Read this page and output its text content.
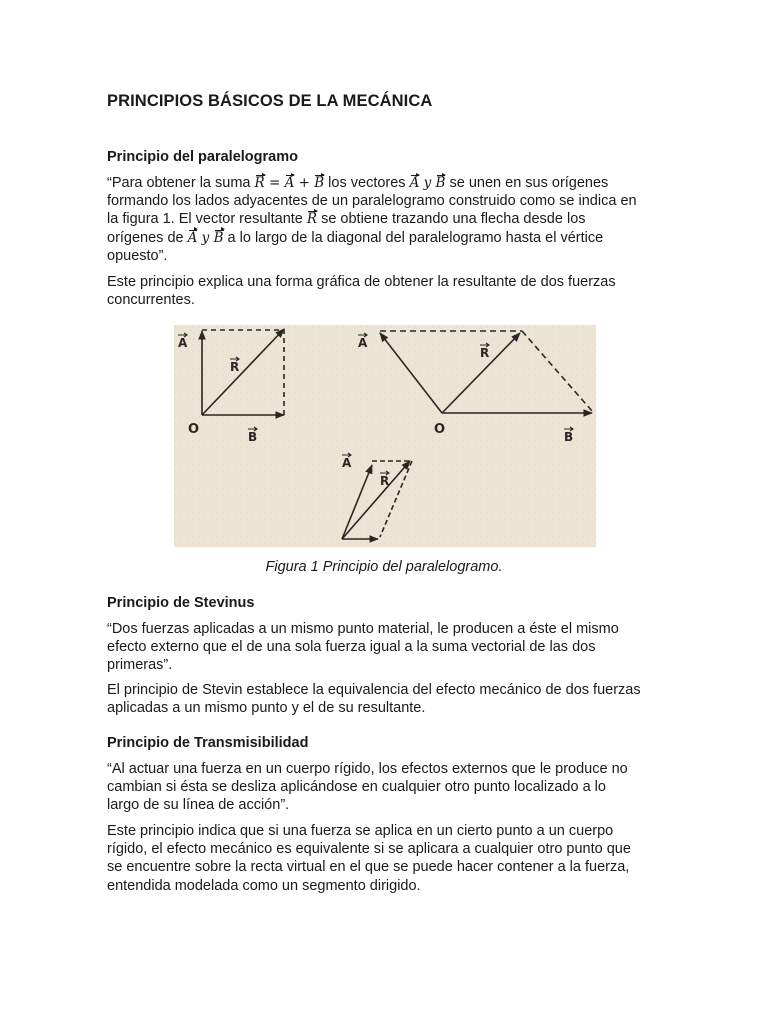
PRINCIPIOS BÁSICOS DE LA MECÁNICA
Principio del paralelogramo
“Para obtener la suma R = A + B los vectores A y B se unen en sus orígenes
formando los lados adyacentes de un paralelogramo construido como se indica en
la figura 1. El vector resultante R se obtiene trazando una flecha desde los
orígenes de A y B a lo largo de la diagonal del paralelogramo hasta el vértice
opuesto”.
Este principio explica una forma gráfica de obtener la resultante de dos fuerzas
concurrentes.
Principio de Stevinus
“Dos fuerzas aplicadas a un mismo punto material, le producen a éste el mismo
efecto externo que el de una sola fuerza igual a la suma vectorial de las dos
primeras”.
El principio de Stevin establece la equivalencia del efecto mecánico de dos fuerzas
aplicadas a un mismo punto y el de su resultante.
Principio de Transmisibilidad
“Al actuar una fuerza en un cuerpo rígido, los efectos externos que le produce no
cambian si ésta se desliza aplicándose en cualquier otro punto localizado a lo
largo de su línea de acción”.
Este principio indica que si una fuerza se aplica en un cierto punto a un cuerpo
rígido, el efecto mecánico es equivalente si se aplicara a cualquier otro punto que
se encuentre sobre la recta virtual en el que se puede hacer contener a la fuerza,
entendida modelada como un segmento dirigido.
Figura 1 Principio del paralelogramo.
A
R
O	B
A
R
O	B
A
R
